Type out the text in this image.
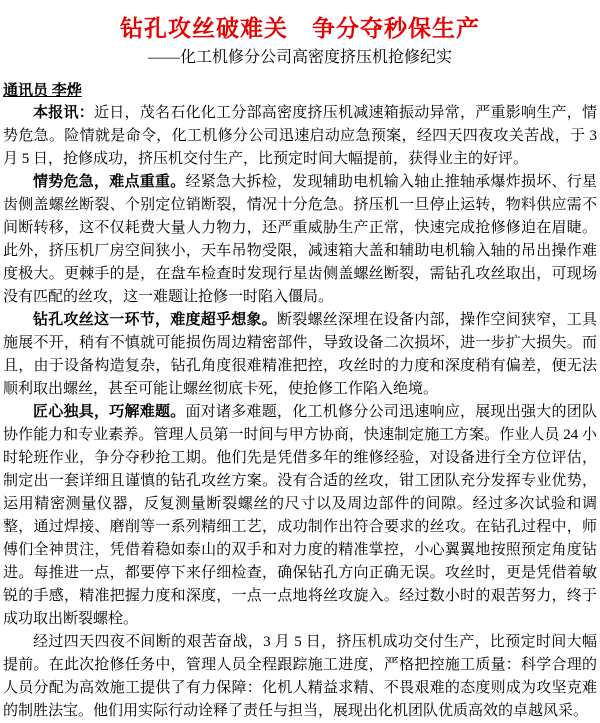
钻孔攻丝破难关　争分夺秒保生产
——化工机修分公司高密度挤压机抢修纪实
通讯员 李烨

本报讯：近日，茂名石化化工分部高密度挤压机减速箱振动异常，严重影响生产，情势危急。险情就是命令，化工机修分公司迅速启动应急预案，经四天四夜攻关苦战，于 3 月 5 日，抢修成功，挤压机交付生产，比预定时间大幅提前，获得业主的好评。

情势危急，难点重重。经紧急大拆检，发现辅助电机输入轴止推轴承爆炸损坏、行星齿侧盖螺丝断裂、个别定位销断裂，情况十分危急。挤压机一旦停止运转，物料供应需不间断转移，这不仅耗费大量人力物力，还严重威胁生产正常，快速完成抢修修迫在眉睫。此外，挤压机厂房空间狭小，天车吊物受限，减速箱大盖和辅助电机输入轴的吊出操作难度极大。更棘手的是，在盘车检查时发现行星齿侧盖螺丝断裂，需钻孔攻丝取出，可现场没有匹配的丝攻，这一难题让抢修一时陷入僵局。

钻孔攻丝这一环节，难度超乎想象。断裂螺丝深埋在设备内部，操作空间狭窄，工具施展不开，稍有不慎就可能损伤周边精密部件，导致设备二次损坏，进一步扩大损失。而且，由于设备构造复杂，钻孔角度很难精准把控，攻丝时的力度和深度稍有偏差，便无法顺利取出螺丝，甚至可能让螺丝彻底卡死，使抢修工作陷入绝境。

匠心独具，巧解难题。面对诸多难题，化工机修分公司迅速响应，展现出强大的团队协作能力和专业素养。管理人员第一时间与甲方协商，快速制定施工方案。作业人员 24 小时轮班作业，争分夺秒抢工期。他们先是凭借多年的维修经验，对设备进行全方位评估，制定出一套详细且谨慎的钻孔攻丝方案。没有合适的丝攻，钳工团队充分发挥专业优势，运用精密测量仪器，反复测量断裂螺丝的尺寸以及周边部件的间隙。经过多次试验和调整，通过焊接、磨削等一系列精细工艺，成功制作出符合要求的丝攻。在钻孔过程中，师傅们全神贯注，凭借着稳如泰山的双手和对力度的精准掌控，小心翼翼地按照预定角度钻进。每推进一点，都要停下来仔细检查，确保钻孔方向正确无误。攻丝时，更是凭借着敏锐的手感，精准把握力度和深度，一点一点地将丝攻旋入。经过数小时的艰苦努力，终于成功取出断裂螺栓。

经过四天四夜不间断的艰苦奋战，3 月 5 日，挤压机成功交付生产，比预定时间大幅提前。在此次抢修任务中，管理人员全程跟踪施工进度，严格把控施工质量：科学合理的人员分配为高效施工提供了有力保障：化机人精益求精、不畏艰难的态度则成为攻坚克难的制胜法宝。他们用实际行动诠释了责任与担当，展现出化机团队优质高效的卓越风采。
